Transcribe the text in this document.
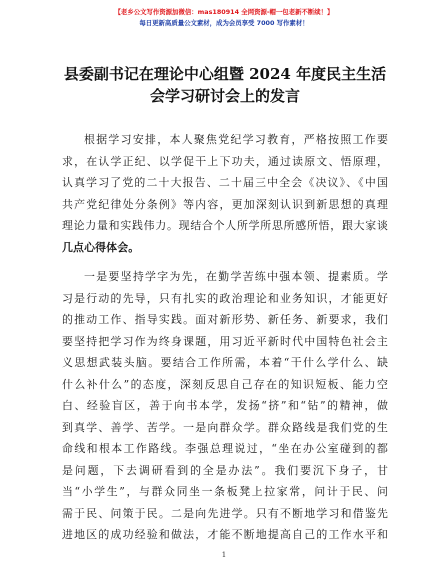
【老乡公文写作资源加微信：mas180914 全网资源-帽一包老新不断续！】
每日更新高质量公文素材，成为会员享受 7000 写作素材！
县委副书记在理论中心组暨 2024 年度民主生活
会学习研讨会上的发言
根据学习安排，本人聚焦党纪学习教育，严格按照工作要
求，在认学正纪、以学促干上下功夫，通过读原文、悟原理，
认真学习了党的二十大报告、二十届三中全会《决议》、《中国
共产党纪律处分条例》等内容，更加深刻认识到新思想的真理
理论力量和实践伟力。现结合个人所学所思所感所悟，跟大家谈
几点心得体会。
一是要坚持学字为先，在勤学苦练中强本领、提素质。学
习是行动的先导，只有扎实的政治理论和业务知识，才能更好
的推动工作、指导实践。面对新形势、新任务、新要求，我们
要坚持把学习作为终身课题，用习近平新时代中国特色社会主
义思想武装头脑。要结合工作所需，本着“干什么学什么、缺
什么补什么”的态度，深刻反思自己存在的知识短板、能力空
白、经验盲区，善于向书本学，发扬“挤”和“钻”的精神，做
到真学、善学、苦学。一是向群众学。群众路线是我们党的生
命线和根本工作路线。李强总理说过，“坐在办公室碰到的都
是问题，下去调研看到的全是办法”。我们要沉下身子，甘
当“小学生”，与群众同坐一条板凳上拉家常，问计于民、问
需于民、问策于民。二是向先进学。只有不断地学习和借鉴先
进地区的成功经验和做法，才能不断地提高自己的工作水平和
1
